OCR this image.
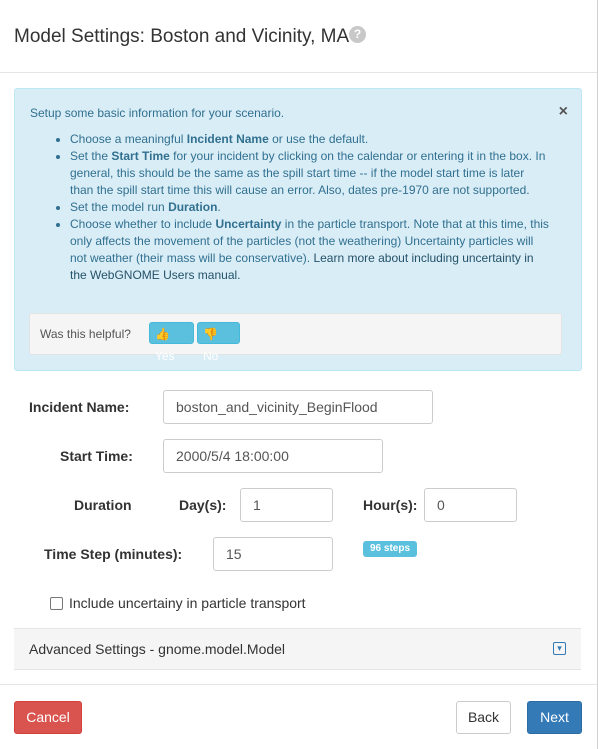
Model Settings: Boston and Vicinity, MA ?
Setup some basic information for your scenario.	×
• Choose a meaningful Incident Name or use the default.
• Set the Start Time for your incident by clicking on the calendar or entering it in the box. In general, this should be the same as the spill start time -- if the model start time is later than the spill start time this will cause an error. Also, dates pre-1970 are not supported.
• Set the model run Duration.
• Choose whether to include Uncertainty in the particle transport. Note that at this time, this only affects the movement of the particles (not the weathering) Uncertainty particles will not weather (their mass will be conservative). Learn more about including uncertainty in the WebGNOME Users manual.
Was this helpful?	👍Yes
👎No
Incident Name:	boston_and_vicinity_BeginFlood
Start Time:	2000/5/4 18:00:00
Duration	Day(s):	1	Hour(s):	0
Time Step (minutes):	15	96 steps
Include uncertainy in particle transport
Advanced Settings - gnome.model.Model	▾
Cancel	Back	Next
